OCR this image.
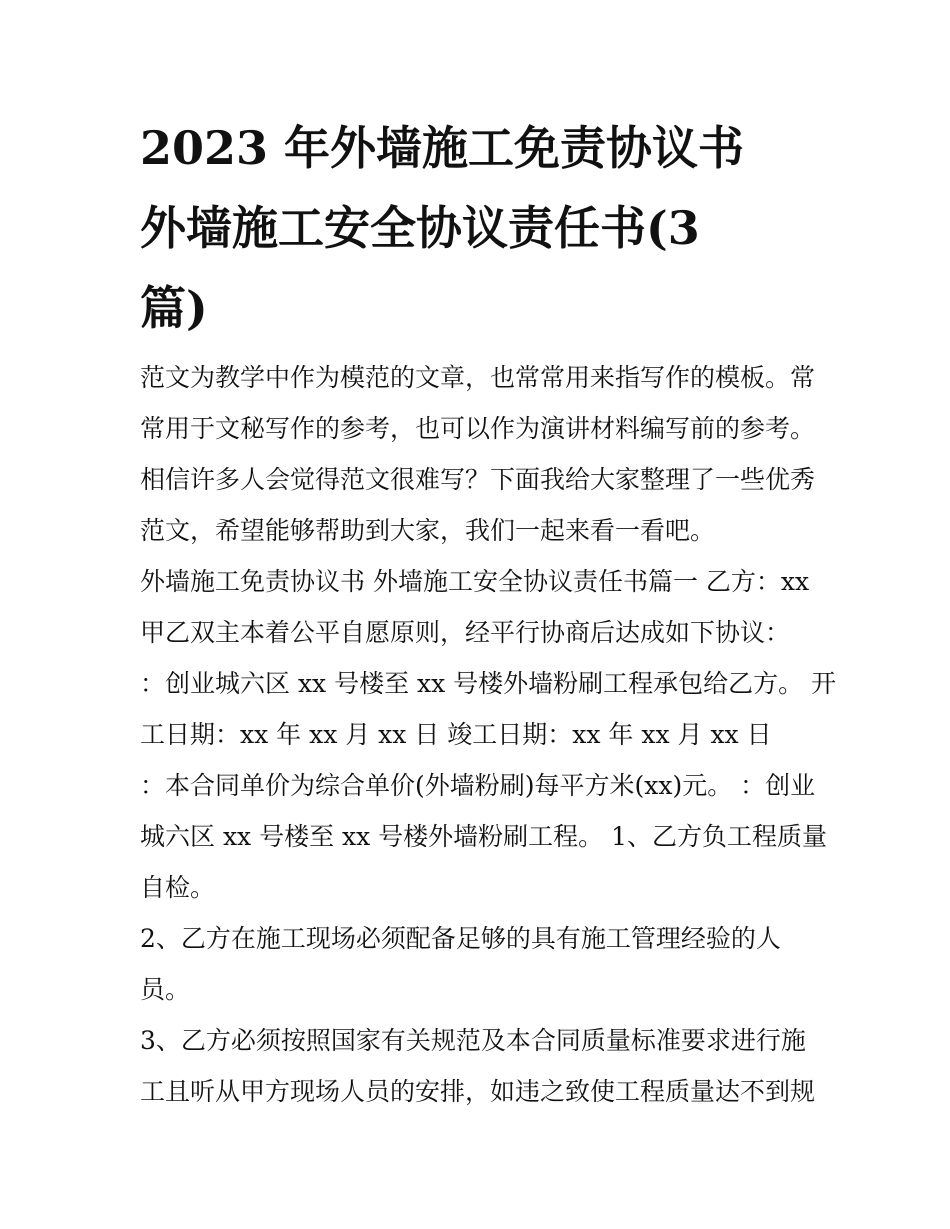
2023 年外墙施工免责协议书
外墙施工安全协议责任书(3
篇)
范文为教学中作为模范的文章，也常常用来指写作的模板。常
常用于文秘写作的参考，也可以作为演讲材料编写前的参考。
相信许多人会觉得范文很难写？下面我给大家整理了一些优秀
范文，希望能够帮助到大家，我们一起来看一看吧。
外墙施工免责协议书 外墙施工安全协议责任书篇一 乙方：xx
甲乙双主本着公平自愿原则，经平行协商后达成如下协议：
：创业城六区 xx 号楼至 xx 号楼外墙粉刷工程承包给乙方。 开
工日期：xx 年 xx 月 xx 日 竣工日期：xx 年 xx 月 xx 日
：本合同单价为综合单价(外墙粉刷)每平方米(xx)元。 ：创业
城六区 xx 号楼至 xx 号楼外墙粉刷工程。 1、乙方负工程质量
自检。
2、乙方在施工现场必须配备足够的具有施工管理经验的人
员。
3、乙方必须按照国家有关规范及本合同质量标准要求进行施
工且听从甲方现场人员的安排，如违之致使工程质量达不到规
